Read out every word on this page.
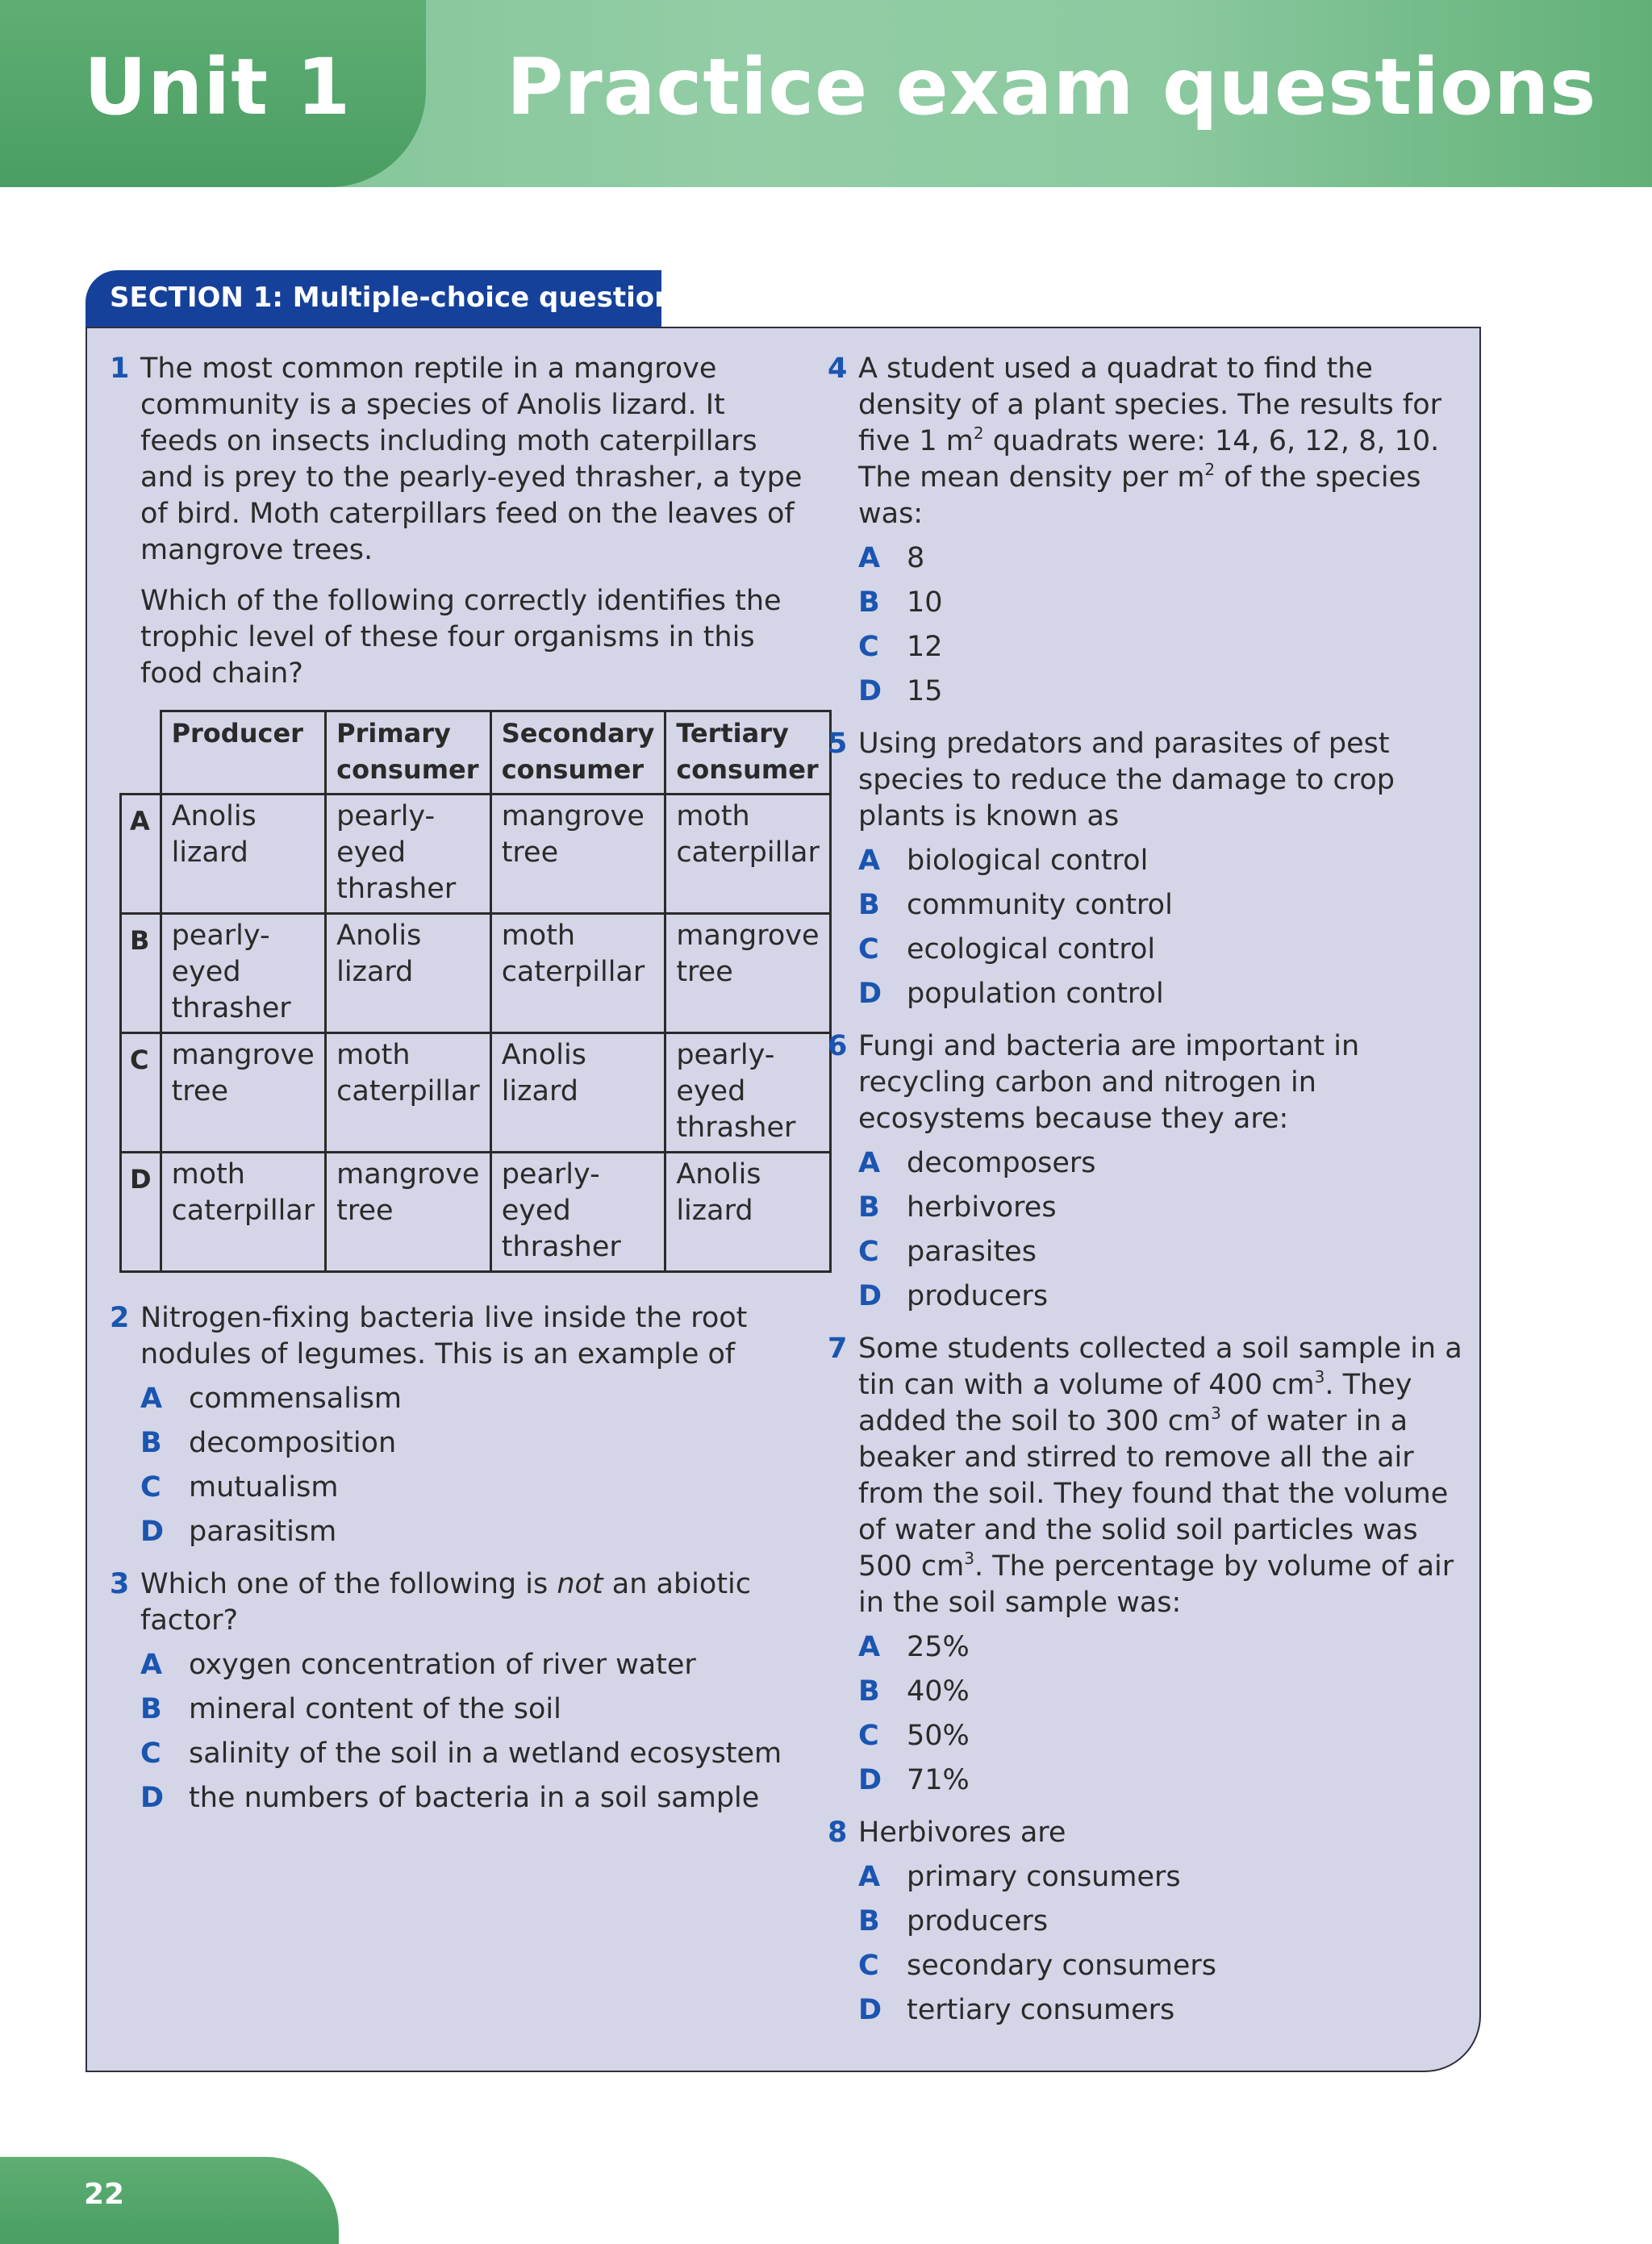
Unit 1 Practice exam questions
SECTION 1: Multiple-choice questions
1 The most common reptile in a mangrove community is a species of Anolis lizard. It feeds on insects including moth caterpillars and is prey to the pearly-eyed thrasher, a type of bird. Moth caterpillars feed on the leaves of mangrove trees.
Which of the following correctly identifies the trophic level of these four organisms in this food chain?
	Producer	Primary consumer	Secondary consumer	Tertiary consumer
A	Anolis lizard	pearly-eyed thrasher	mangrove tree	moth caterpillar
B	pearly-eyed thrasher	Anolis lizard	moth caterpillar	mangrove tree
C	mangrove tree	moth caterpillar	Anolis lizard	pearly-eyed thrasher
D	moth caterpillar	mangrove tree	pearly-eyed thrasher	Anolis lizard
2 Nitrogen-fixing bacteria live inside the root nodules of legumes. This is an example of
A commensalism
B decomposition
C mutualism
D parasitism
3 Which one of the following is not an abiotic factor?
A oxygen concentration of river water
B mineral content of the soil
C salinity of the soil in a wetland ecosystem
D the numbers of bacteria in a soil sample
4 A student used a quadrat to find the density of a plant species. The results for five 1 $m^2$ quadrats were: 14, 6, 12, 8, 10. The mean density per $m^2$ of the species was:
A 8
B 10
C 12
D 15
5 Using predators and parasites of pest species to reduce the damage to crop plants is known as
A biological control
B community control
C ecological control
D population control
6 Fungi and bacteria are important in recycling carbon and nitrogen in ecosystems because they are:
A decomposers
B herbivores
C parasites
D producers
7 Some students collected a soil sample in a tin can with a volume of 400 $cm^3$. They added the soil to 300 $cm^3$ of water in a beaker and stirred to remove all the air from the soil. They found that the volume of water and the solid soil particles was 500 $cm^3$. The percentage by volume of air in the soil sample was:
A 25%
B 40%
C 50%
D 71%
8 Herbivores are
A primary consumers
B producers
C secondary consumers
D tertiary consumers
22
